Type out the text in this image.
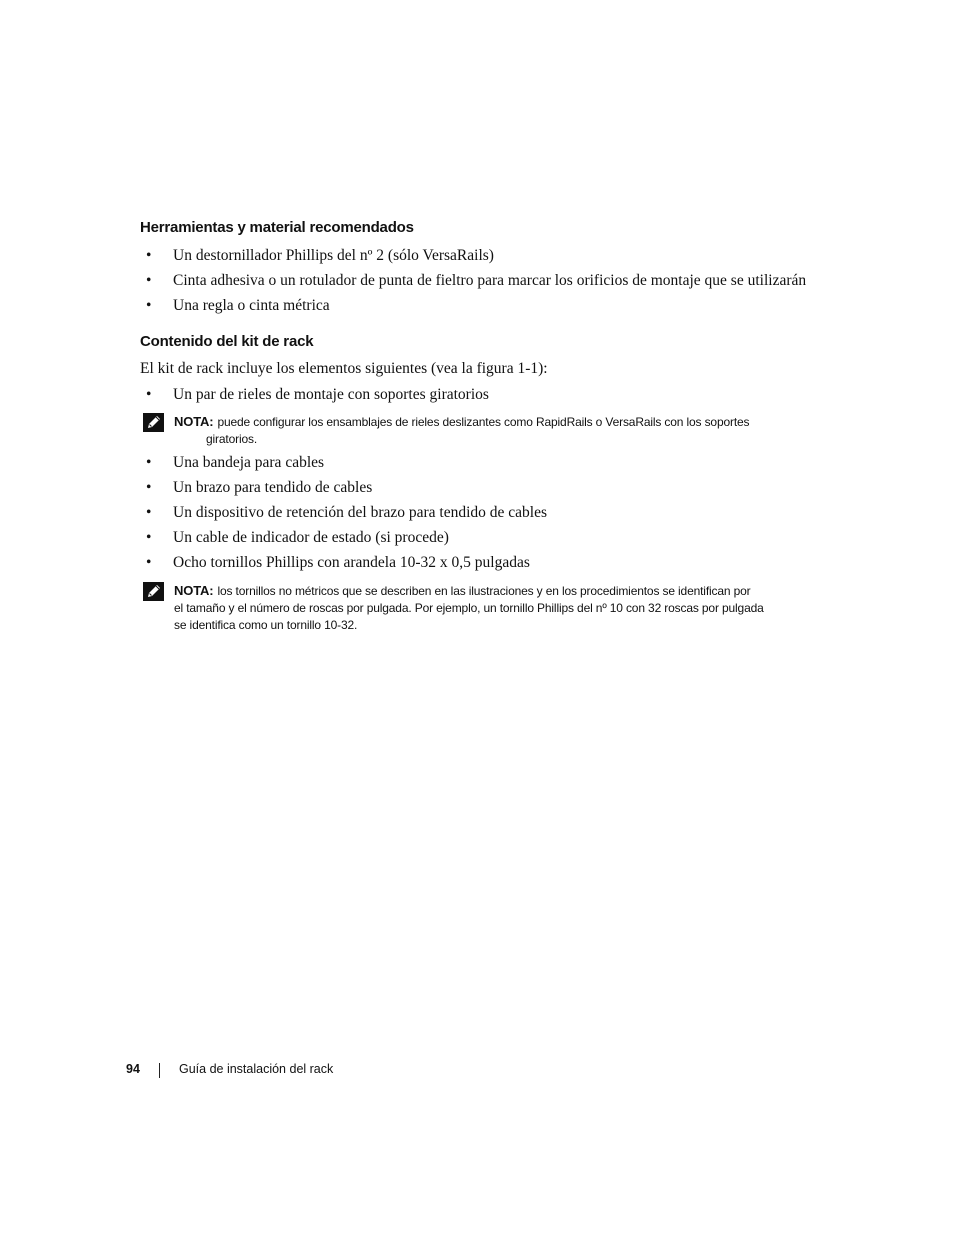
Herramientas y material recomendados
• Un destornillador Phillips del nº 2 (sólo VersaRails)
• Cinta adhesiva o un rotulador de punta de fieltro para marcar los orificios de montaje que se utilizarán
• Una regla o cinta métrica
Contenido del kit de rack

El kit de rack incluye los elementos siguientes (vea la figura 1-1):

• Un par de rieles de montaje con soportes giratorios
NOTA: puede configurar los ensamblajes de rieles deslizantes como RapidRails o VersaRails con los soportes
giratorios.
• Una bandeja para cables
• Un brazo para tendido de cables
• Un dispositivo de retención del brazo para tendido de cables
• Un cable de indicador de estado (si procede)
• Ocho tornillos Phillips con arandela 10-32 x 0,5 pulgadas
NOTA: los tornillos no métricos que se describen en las ilustraciones y en los procedimientos se identifican por
el tamaño y el número de roscas por pulgada. Por ejemplo, un tornillo Phillips del nº 10 con 32 roscas por pulgada
se identifica como un tornillo 10-32.
94	Guía de instalación del rack
